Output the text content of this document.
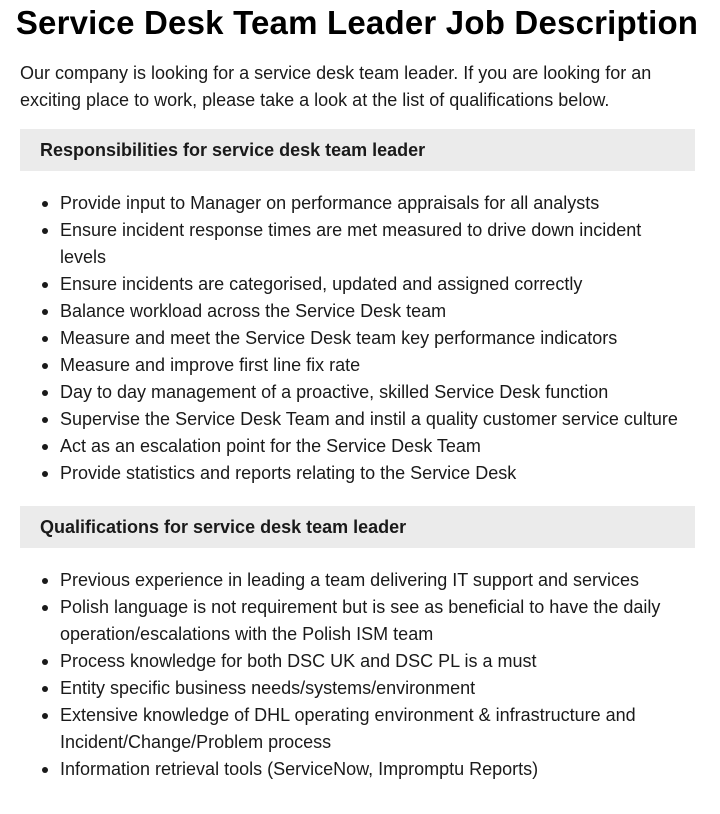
Service Desk Team Leader Job Description

Our company is looking for a service desk team leader. If you are looking for an exciting place to work, please take a look at the list of qualifications below.

Responsibilities for service desk team leader
Provide input to Manager on performance appraisals for all analysts
Ensure incident response times are met measured to drive down incident levels
Ensure incidents are categorised, updated and assigned correctly
Balance workload across the Service Desk team
Measure and meet the Service Desk team key performance indicators
Measure and improve first line fix rate
Day to day management of a proactive, skilled Service Desk function
Supervise the Service Desk Team and instil a quality customer service culture
Act as an escalation point for the Service Desk Team
Provide statistics and reports relating to the Service Desk
Qualifications for service desk team leader
Previous experience in leading a team delivering IT support and services
Polish language is not requirement but is see as beneficial to have the daily operation/escalations with the Polish ISM team
Process knowledge for both DSC UK and DSC PL is a must
Entity specific business needs/systems/environment
Extensive knowledge of DHL operating environment & infrastructure and Incident/Change/Problem process
Information retrieval tools (ServiceNow, Impromptu Reports)
